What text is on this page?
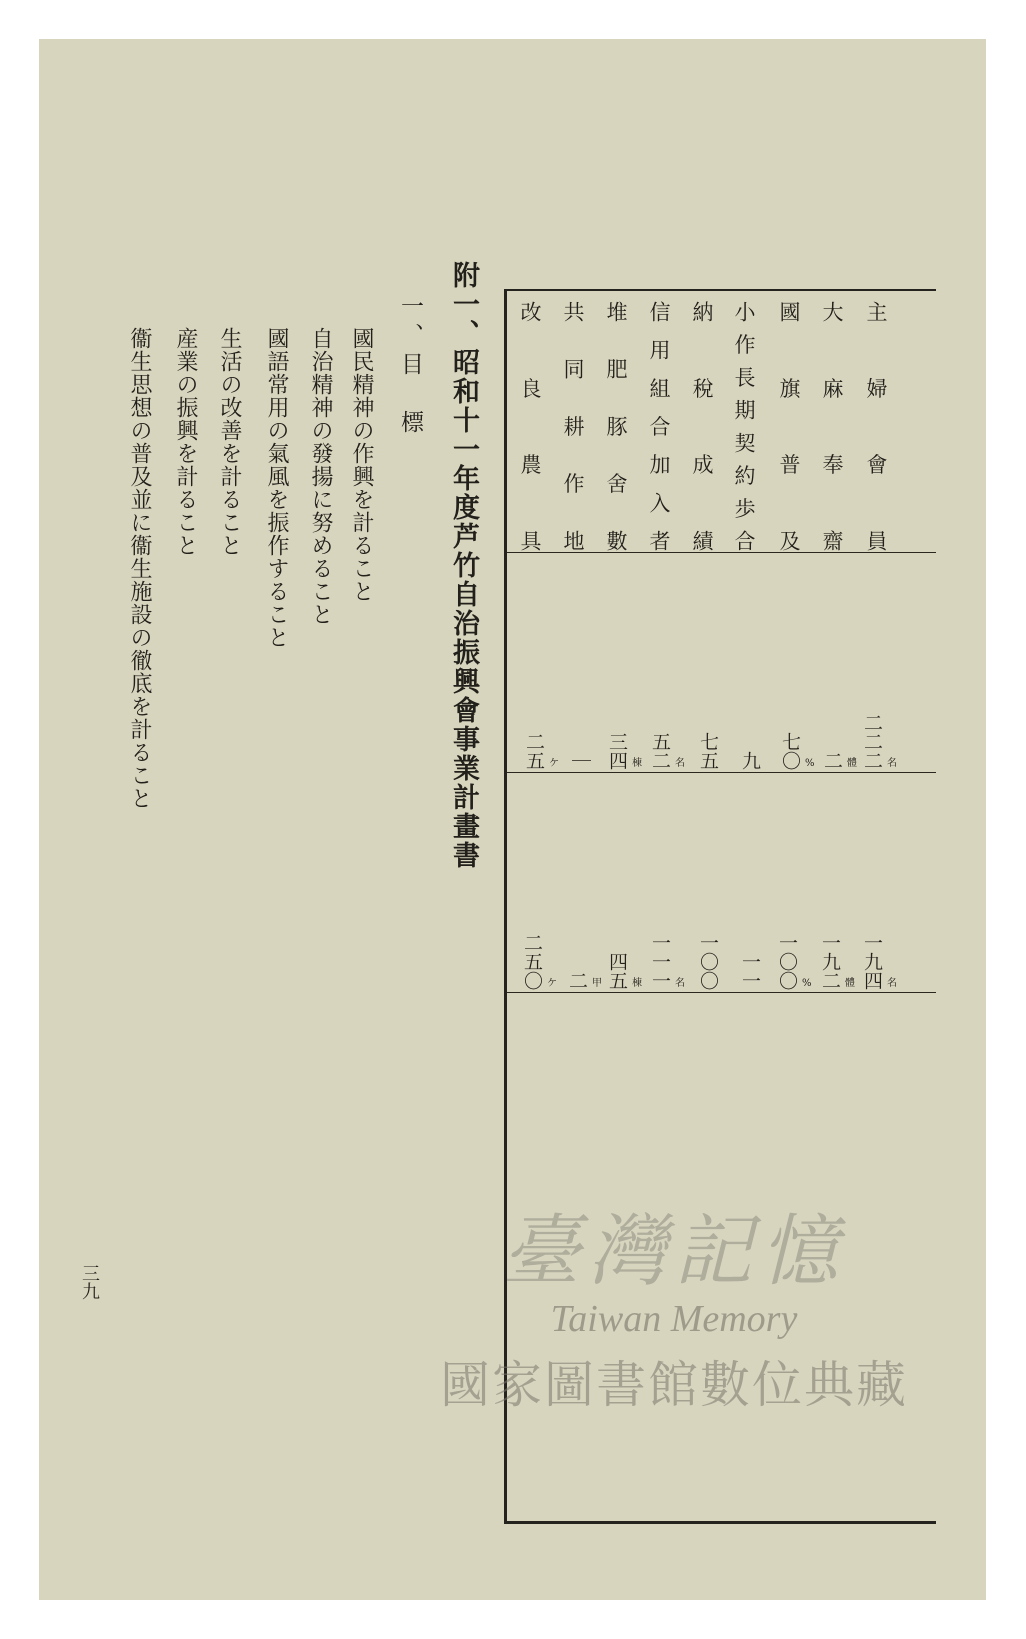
附一、昭和十一年度芦竹自治振興會事業計畫書
一、目　標
國民精神の作興を計ること
自治精神の發揚に努めること
國語常用の氣風を振作すること
生活の改善を計ること
産業の振興を計ること
衞生思想の普及並に衞生施設の徹底を計ること	主婦會員
大麻奉齋
國旗普及
小作長期契約歩合
納稅成績
信用組合加入者
堆肥豚舍數
共同耕作地
改良農具
二二二 名
二 體
七〇 %
九
七五
五二 名
三四 棟
｜
二五 ケ
一九四 名
一九二 體
一〇〇 %
一一
一〇〇
一一一 名
四五 棟
二 甲
二五〇 ケ
三九	臺灣記憶
Taiwan Memory
國家圖書館數位典藏
